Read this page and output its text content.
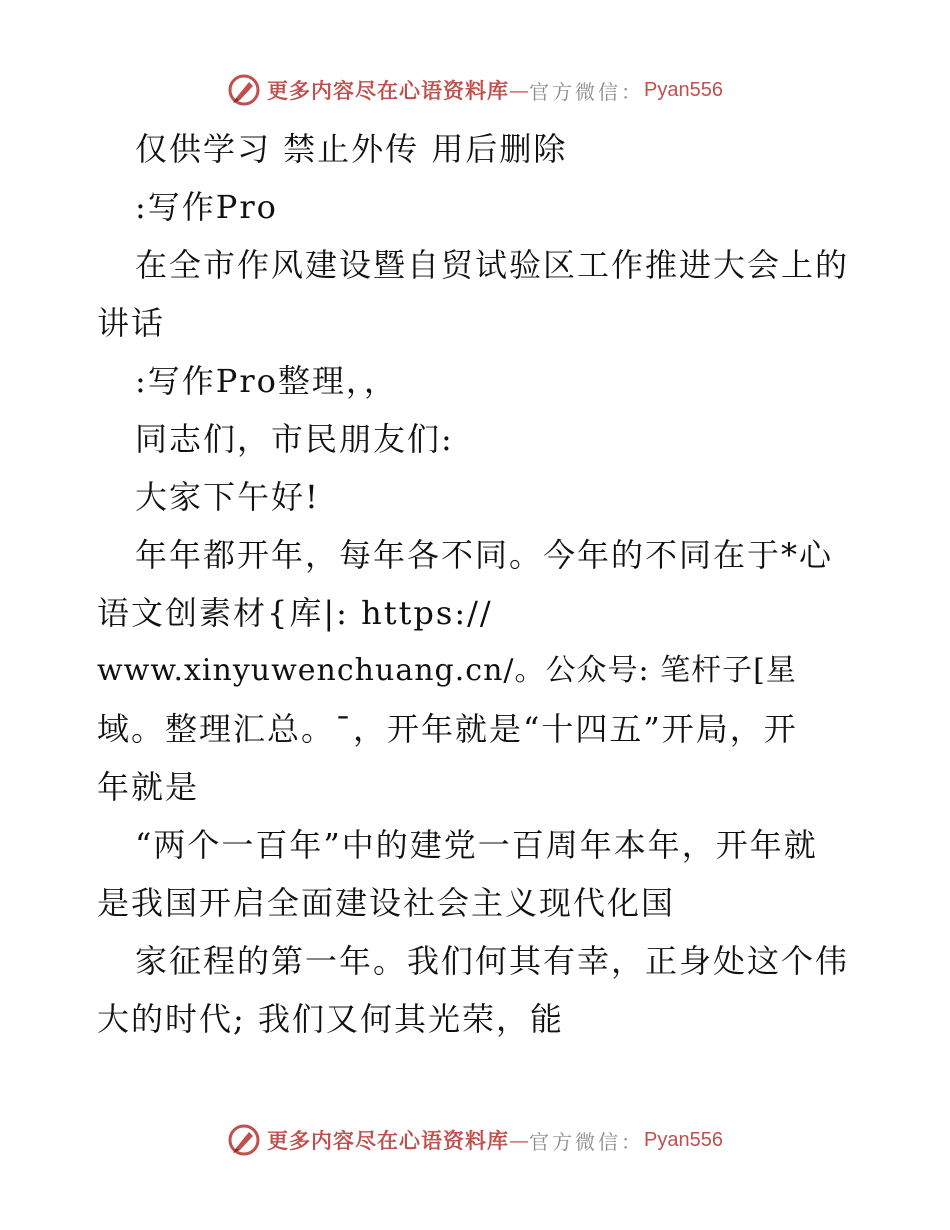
更多内容尽在心语资料库 — 官方微信： Pyan556

仅供学习 禁止外传 用后删除

:写作Pro

在全市作风建设暨自贸试验区工作推进大会上的

讲话

:写作Pro整理，，

同志们，市民朋友们:

大家下午好!

年年都开年，每年各不同。今年的不同在于*心

语文创素材{库|: https://

www.xinyuwenchuang.cn/。公众号: 笔杆子[星

域。整理汇总。¯，开年就是“十四五”开局，开

年就是

“两个一百年”中的建党一百周年本年，开年就

是我国开启全面建设社会主义现代化国

家征程的第一年。我们何其有幸，正身处这个伟

大的时代; 我们又何其光荣，能

更多内容尽在心语资料库 — 官方微信： Pyan556
